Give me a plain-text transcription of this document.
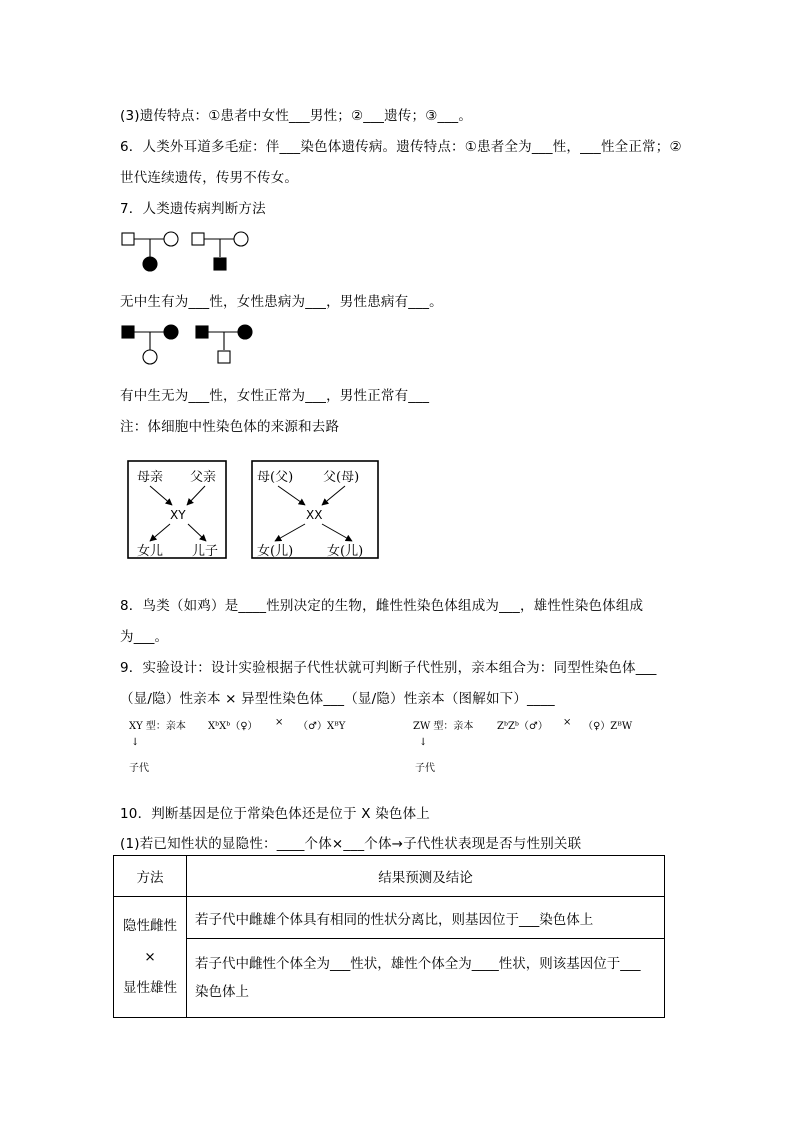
(3)遗传特点：①患者中女性___男性；②___遗传；③___。
6．人类外耳道多毛症：伴___染色体遗传病。遗传特点：①患者全为___性，___性全正常；②
世代连续遗传，传男不传女。
7．人类遗传病判断方法
无中生有为___性，女性患病为___，男性患病有___。
有中生无为___性，女性正常为___，男性正常有___
注：体细胞中性染色体的来源和去路
母亲 父亲
XY
女儿 儿子
母(父) 父(母)
XX
女(儿)	女(儿)
8．鸟类（如鸡）是____性别决定的生物，雌性性染色体组成为___，雄性性染色体组成
为___。
9．实验设计：设计实验根据子代性状就可判断子代性别，亲本组合为：同型性染色体___
（显/隐）性亲本 × 异型性染色体___（显/隐）性亲本（图解如下）____
XY 型：亲本 XᵇXᵇ（♀） × （♂）XᴮY
↓
子代
ZW 型：亲本 ZᵇZᵇ（♂） × （♀）ZᴮW
↓
子代
10．判断基因是位于常染色体还是位于 X 染色体上
(1)若已知性状的显隐性：____个体×___个体→子代性状表现是否与性别关联
方法	结果预测及结论

隐性雌性
×
显性雄性	若子代中雌雄个体具有相同的性状分离比，则基因位于___染色体上

	若子代中雌性个体全为___性状，雄性个体全为____性状，则该基因位于___
染色体上
